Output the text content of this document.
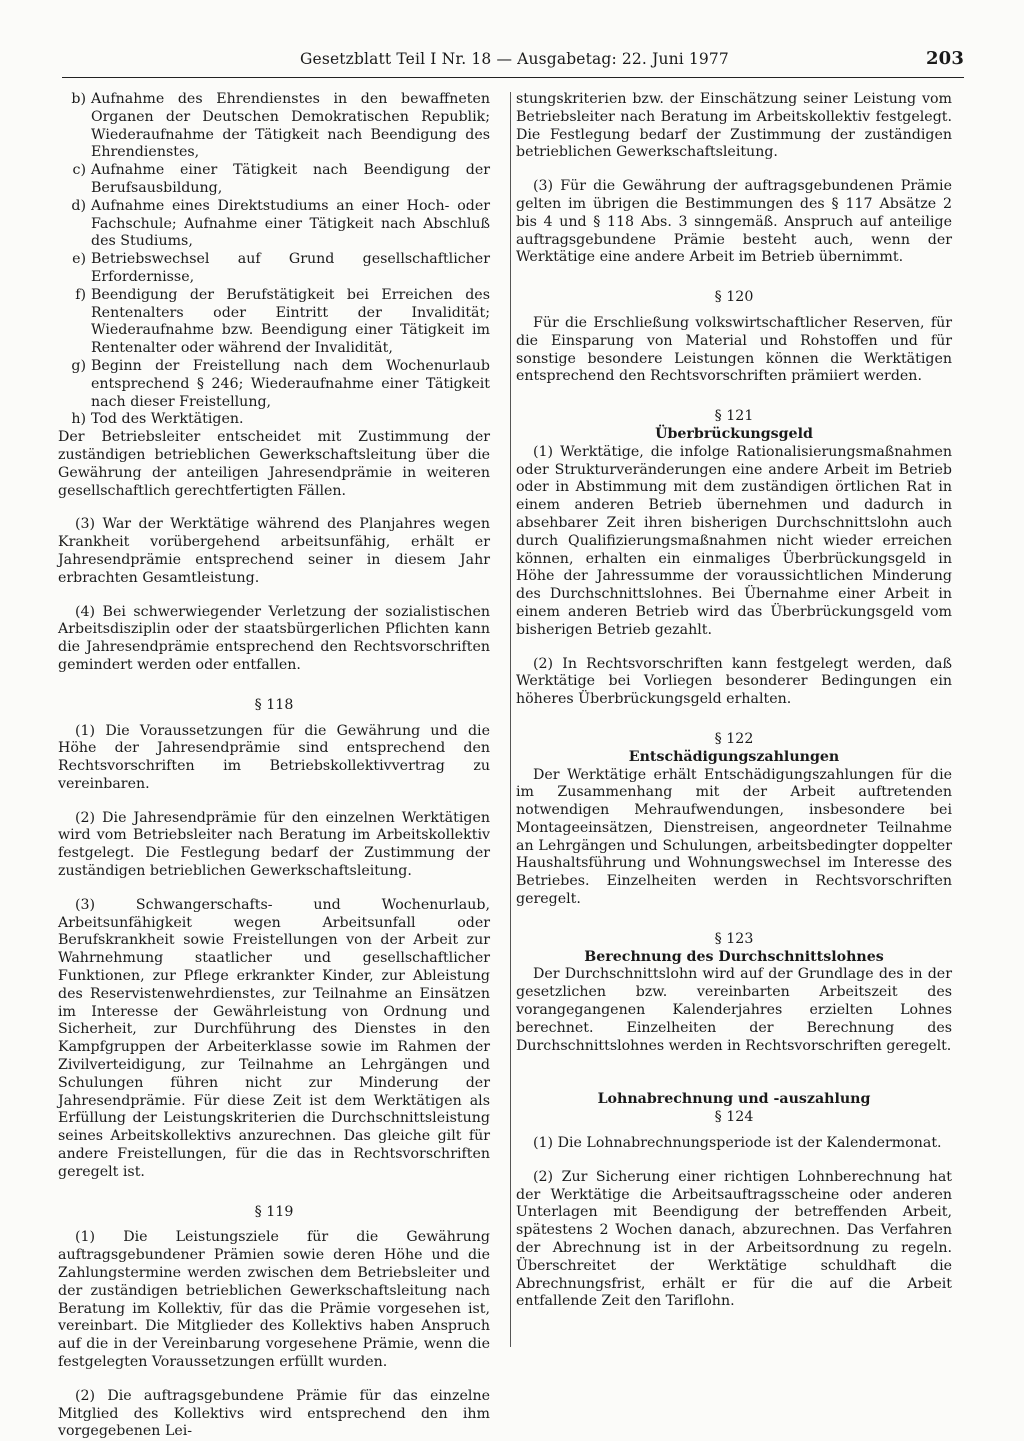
Gesetzblatt Teil I Nr. 18 — Ausgabetag: 22. Juni 1977	203
b) Aufnahme des Ehrendienstes in den bewaffneten Organen der Deutschen Demokratischen Republik; Wiederaufnahme der Tätigkeit nach Beendigung des Ehrendienstes,
c) Aufnahme einer Tätigkeit nach Beendigung der Berufsausbildung,
d) Aufnahme eines Direktstudiums an einer Hoch- oder Fachschule; Aufnahme einer Tätigkeit nach Abschluß des Studiums,
e) Betriebswechsel auf Grund gesellschaftlicher Erfordernisse,
f) Beendigung der Berufstätigkeit bei Erreichen des Rentenalters oder Eintritt der Invalidität; Wiederaufnahme bzw. Beendigung einer Tätigkeit im Rentenalter oder während der Invalidität,
g) Beginn der Freistellung nach dem Wochenurlaub entsprechend § 246; Wiederaufnahme einer Tätigkeit nach dieser Freistellung,
h) Tod des Werktätigen.

Der Betriebsleiter entscheidet mit Zustimmung der zuständigen betrieblichen Gewerkschaftsleitung über die Gewährung der anteiligen Jahresendprämie in weiteren gesellschaftlich gerechtfertigten Fällen.

(3) War der Werktätige während des Planjahres wegen Krankheit vorübergehend arbeitsunfähig, erhält er Jahresendprämie entsprechend seiner in diesem Jahr erbrachten Gesamtleistung.

(4) Bei schwerwiegender Verletzung der sozialistischen Arbeitsdisziplin oder der staatsbürgerlichen Pflichten kann die Jahresendprämie entsprechend den Rechtsvorschriften gemindert werden oder entfallen.

§ 118

(1) Die Voraussetzungen für die Gewährung und die Höhe der Jahresendprämie sind entsprechend den Rechtsvorschriften im Betriebskollektivvertrag zu vereinbaren.

(2) Die Jahresendprämie für den einzelnen Werktätigen wird vom Betriebsleiter nach Beratung im Arbeitskollektiv festgelegt. Die Festlegung bedarf der Zustimmung der zuständigen betrieblichen Gewerkschaftsleitung.

(3) Schwangerschafts- und Wochenurlaub, Arbeitsunfähigkeit wegen Arbeitsunfall oder Berufskrankheit sowie Freistellungen von der Arbeit zur Wahrnehmung staatlicher und gesellschaftlicher Funktionen, zur Pflege erkrankter Kinder, zur Ableistung des Reservistenwehrdienstes, zur Teilnahme an Einsätzen im Interesse der Gewährleistung von Ordnung und Sicherheit, zur Durchführung des Dienstes in den Kampfgruppen der Arbeiterklasse sowie im Rahmen der Zivilverteidigung, zur Teilnahme an Lehrgängen und Schulungen führen nicht zur Minderung der Jahresendprämie. Für diese Zeit ist dem Werktätigen als Erfüllung der Leistungskriterien die Durchschnittsleistung seines Arbeitskollektivs anzurechnen. Das gleiche gilt für andere Freistellungen, für die das in Rechtsvorschriften geregelt ist.

§ 119

(1) Die Leistungsziele für die Gewährung auftragsgebundener Prämien sowie deren Höhe und die Zahlungstermine werden zwischen dem Betriebsleiter und der zuständigen betrieblichen Gewerkschaftsleitung nach Beratung im Kollektiv, für das die Prämie vorgesehen ist, vereinbart. Die Mitglieder des Kollektivs haben Anspruch auf die in der Vereinbarung vorgesehene Prämie, wenn die festgelegten Voraussetzungen erfüllt wurden.

(2) Die auftragsgebundene Prämie für das einzelne Mitglied des Kollektivs wird entsprechend den ihm vorgegebenen Lei-

stungskriterien bzw. der Einschätzung seiner Leistung vom Betriebsleiter nach Beratung im Arbeitskollektiv festgelegt. Die Festlegung bedarf der Zustimmung der zuständigen betrieblichen Gewerkschaftsleitung.

(3) Für die Gewährung der auftragsgebundenen Prämie gelten im übrigen die Bestimmungen des § 117 Absätze 2 bis 4 und § 118 Abs. 3 sinngemäß. Anspruch auf anteilige auftragsgebundene Prämie besteht auch, wenn der Werktätige eine andere Arbeit im Betrieb übernimmt.

§ 120

Für die Erschließung volkswirtschaftlicher Reserven, für die Einsparung von Material und Rohstoffen und für sonstige besondere Leistungen können die Werktätigen entsprechend den Rechtsvorschriften prämiiert werden.

§ 121

Überbrückungsgeld

(1) Werktätige, die infolge Rationalisierungsmaßnahmen oder Strukturveränderungen eine andere Arbeit im Betrieb oder in Abstimmung mit dem zuständigen örtlichen Rat in einem anderen Betrieb übernehmen und dadurch in absehbarer Zeit ihren bisherigen Durchschnittslohn auch durch Qualifizierungsmaßnahmen nicht wieder erreichen können, erhalten ein einmaliges Überbrückungsgeld in Höhe der Jahressumme der voraussichtlichen Minderung des Durchschnittslohnes. Bei Übernahme einer Arbeit in einem anderen Betrieb wird das Überbrückungsgeld vom bisherigen Betrieb gezahlt.

(2) In Rechtsvorschriften kann festgelegt werden, daß Werktätige bei Vorliegen besonderer Bedingungen ein höheres Überbrückungsgeld erhalten.

§ 122

Entschädigungszahlungen

Der Werktätige erhält Entschädigungszahlungen für die im Zusammenhang mit der Arbeit auftretenden notwendigen Mehraufwendungen, insbesondere bei Montageeinsätzen, Dienstreisen, angeordneter Teilnahme an Lehrgängen und Schulungen, arbeitsbedingter doppelter Haushaltsführung und Wohnungswechsel im Interesse des Betriebes. Einzelheiten werden in Rechtsvorschriften geregelt.

§ 123

Berechnung des Durchschnittslohnes

Der Durchschnittslohn wird auf der Grundlage des in der gesetzlichen bzw. vereinbarten Arbeitszeit des vorangegangenen Kalenderjahres erzielten Lohnes berechnet. Einzelheiten der Berechnung des Durchschnittslohnes werden in Rechtsvorschriften geregelt.

Lohnabrechnung und -auszahlung

§ 124

(1) Die Lohnabrechnungsperiode ist der Kalendermonat.

(2) Zur Sicherung einer richtigen Lohnberechnung hat der Werktätige die Arbeitsauftragsscheine oder anderen Unterlagen mit Beendigung der betreffenden Arbeit, spätestens 2 Wochen danach, abzurechnen. Das Verfahren der Abrechnung ist in der Arbeitsordnung zu regeln. Überschreitet der Werktätige schuldhaft die Abrechnungsfrist, erhält er für die auf die Arbeit entfallende Zeit den Tariflohn.
